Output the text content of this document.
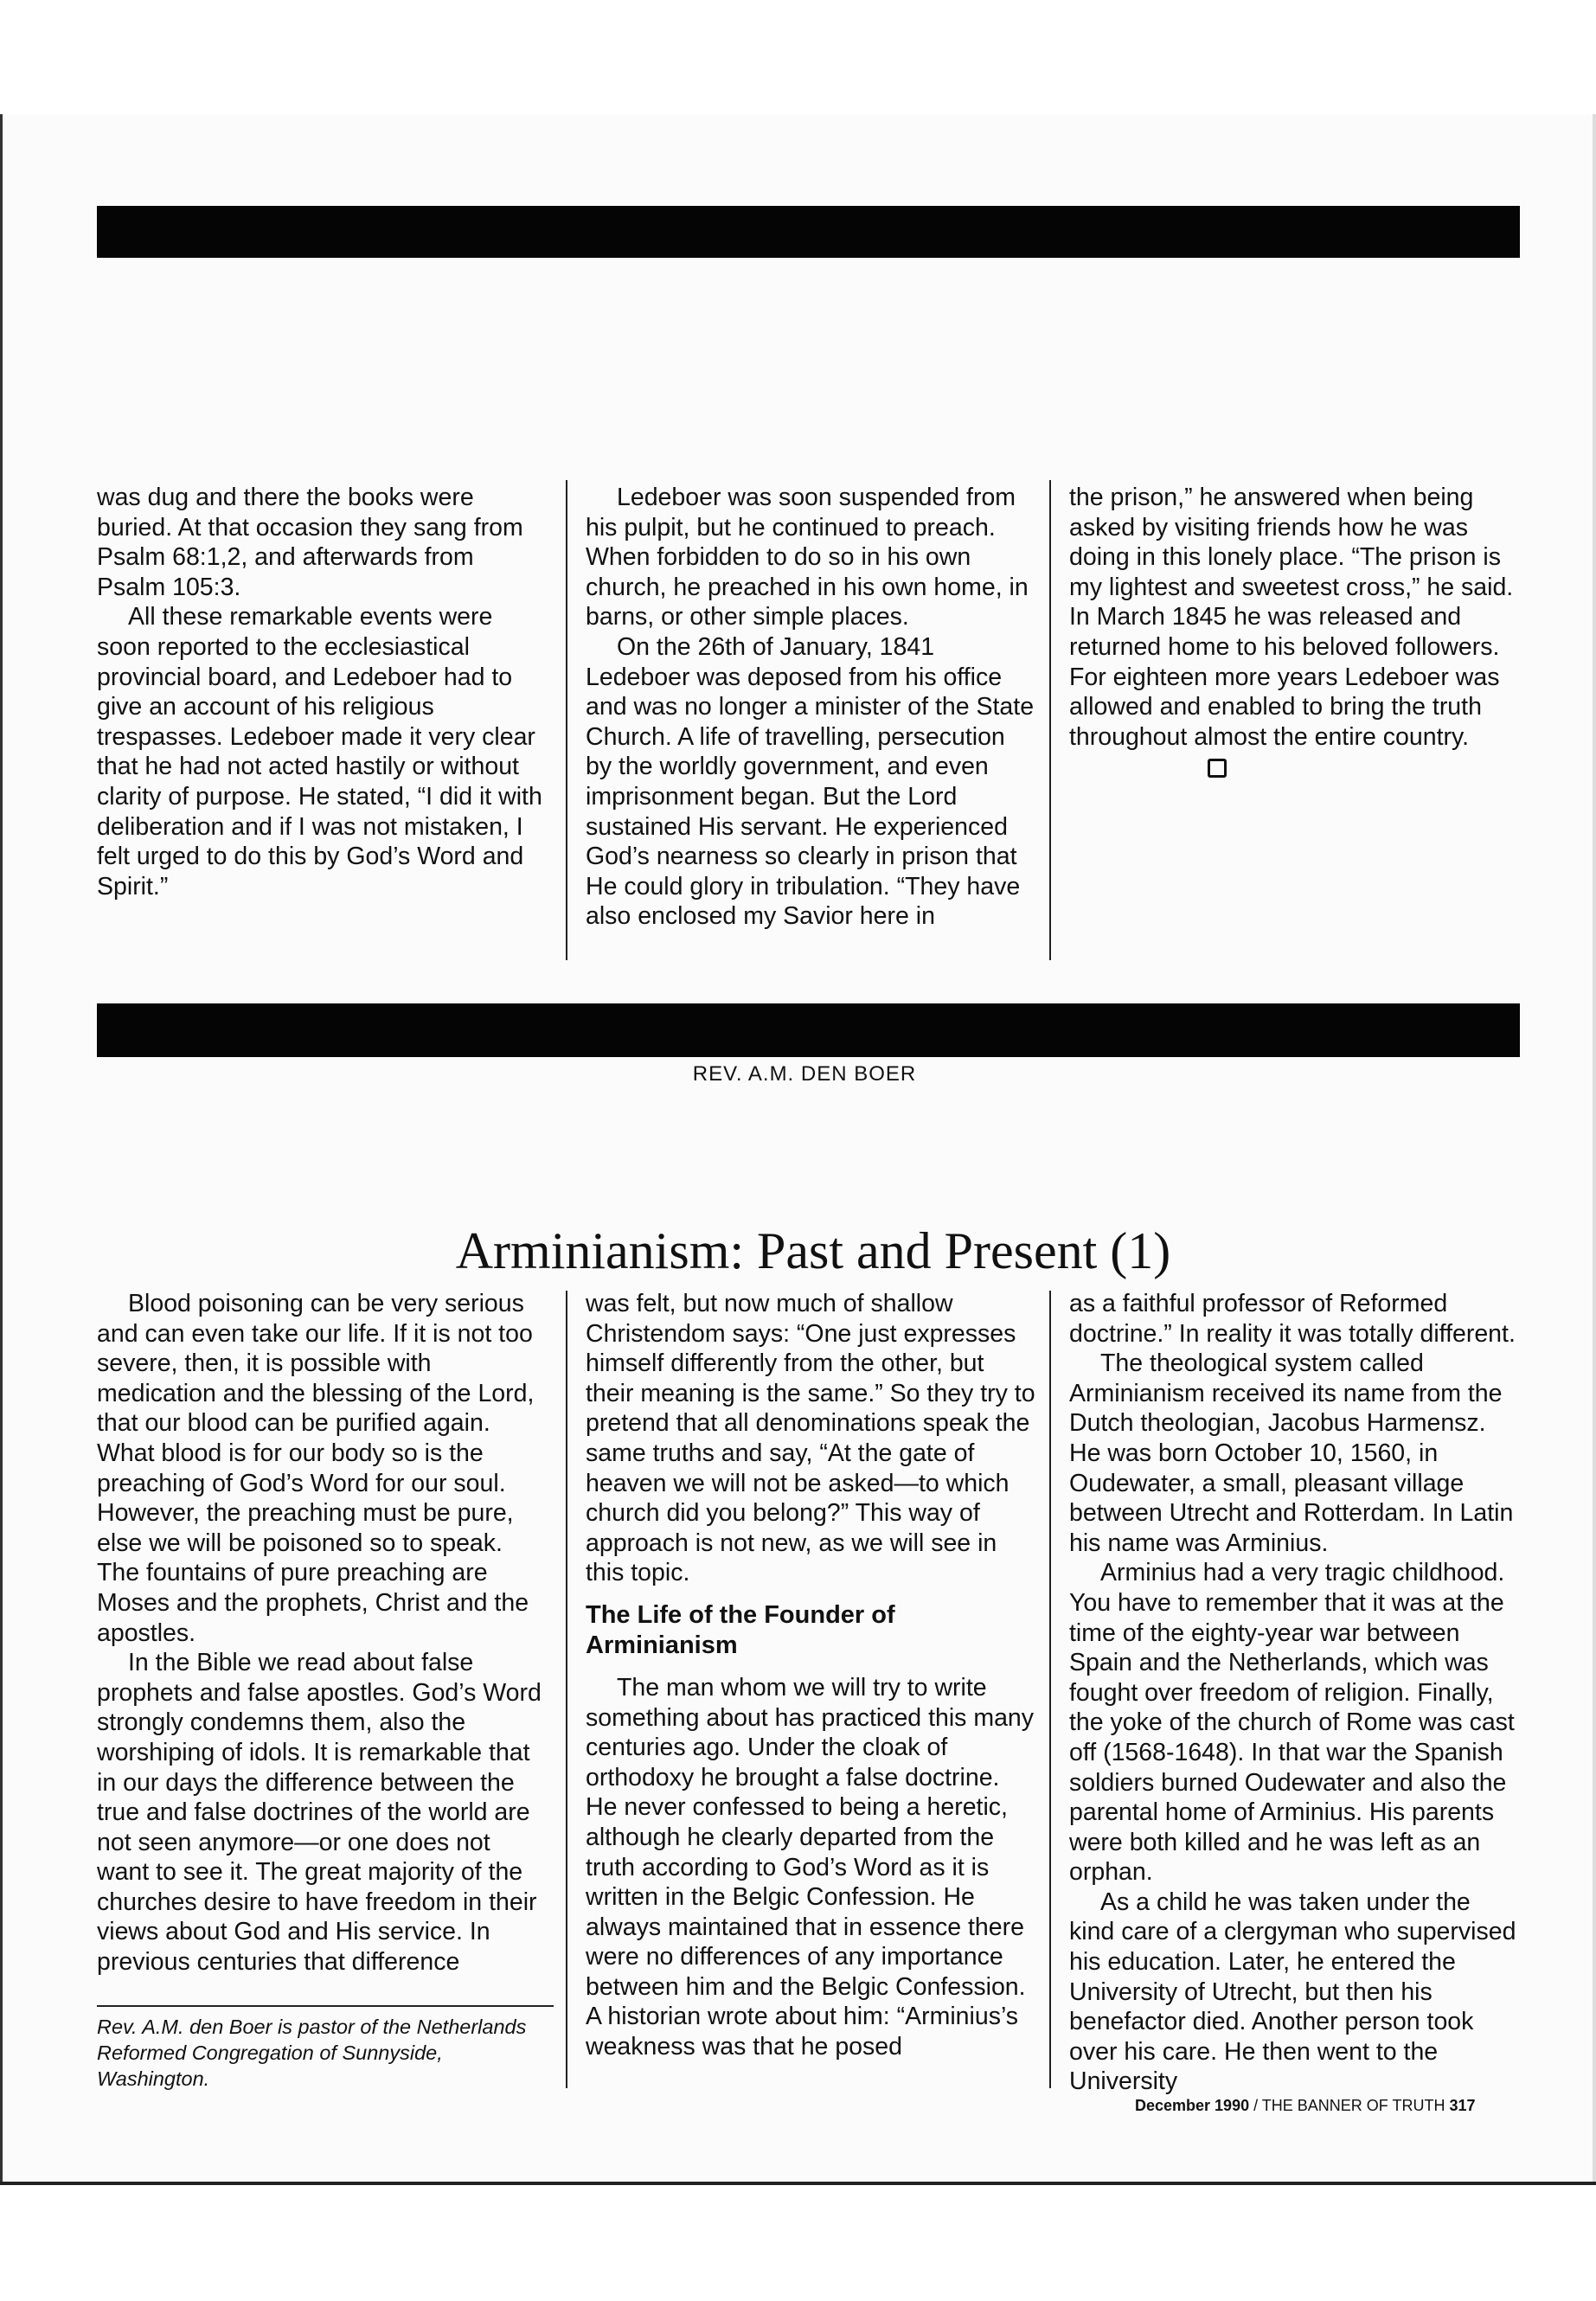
was dug and there the books were buried. At that occasion they sang from Psalm 68:1,2, and afterwards from Psalm 105:3.

All these remarkable events were soon reported to the ecclesiastical provincial board, and Ledeboer had to give an account of his religious trespasses. Ledeboer made it very clear that he had not acted hastily or without clarity of purpose. He stated, “I did it with deliberation and if I was not mistaken, I felt urged to do this by God’s Word and Spirit.”

Ledeboer was soon suspended from his pulpit, but he continued to preach. When forbidden to do so in his own church, he preached in his own home, in barns, or other simple places.

On the 26th of January, 1841 Ledeboer was deposed from his office and was no longer a minister of the State Church. A life of travelling, persecution by the worldly government, and even imprisonment began. But the Lord sustained His servant. He experienced God’s nearness so clearly in prison that He could glory in tribulation. “They have also enclosed my Savior here in

the prison,” he answered when being asked by visiting friends how he was doing in this lonely place. “The prison is my lightest and sweetest cross,” he said. In March 1845 he was released and returned home to his beloved followers. For eighteen more years Ledeboer was allowed and enabled to bring the truth throughout almost the entire country.

REV. A.M. DEN BOER
Arminianism: Past and Present (1)

Blood poisoning can be very serious and can even take our life. If it is not too severe, then, it is possible with medication and the blessing of the Lord, that our blood can be purified again. What blood is for our body so is the preaching of God’s Word for our soul. However, the preaching must be pure, else we will be poisoned so to speak. The fountains of pure preaching are Moses and the prophets, Christ and the apostles.

In the Bible we read about false prophets and false apostles. God’s Word strongly condemns them, also the worshiping of idols. It is remarkable that in our days the difference between the true and false doctrines of the world are not seen anymore—or one does not want to see it. The great majority of the churches desire to have freedom in their views about God and His service. In previous centuries that difference

was felt, but now much of shallow Christendom says: “One just expresses himself differently from the other, but their meaning is the same.” So they try to pretend that all denominations speak the same truths and say, “At the gate of heaven we will not be asked—to which church did you belong?” This way of approach is not new, as we will see in this topic.

The Life of the Founder of Arminianism

The man whom we will try to write something about has practiced this many centuries ago. Under the cloak of orthodoxy he brought a false doctrine. He never confessed to being a heretic, although he clearly departed from the truth according to God’s Word as it is written in the Belgic Confession. He always maintained that in essence there were no differences of any importance between him and the Belgic Confession. A historian wrote about him: “Arminius’s weakness was that he posed

as a faithful professor of Reformed doctrine.” In reality it was totally different.

The theological system called Arminianism received its name from the Dutch theologian, Jacobus Harmensz. He was born October 10, 1560, in Oudewater, a small, pleasant village between Utrecht and Rotterdam. In Latin his name was Arminius.

Arminius had a very tragic childhood. You have to remember that it was at the time of the eighty-year war between Spain and the Netherlands, which was fought over freedom of religion. Finally, the yoke of the church of Rome was cast off (1568-1648). In that war the Spanish soldiers burned Oudewater and also the parental home of Arminius. His parents were both killed and he was left as an orphan.

As a child he was taken under the kind care of a clergyman who supervised his education. Later, he entered the University of Utrecht, but then his benefactor died. Another person took over his care. He then went to the University

Rev. A.M. den Boer is pastor of the Netherlands Reformed Congregation of Sunnyside, Washington.
December 1990 / THE BANNER OF TRUTH 317
